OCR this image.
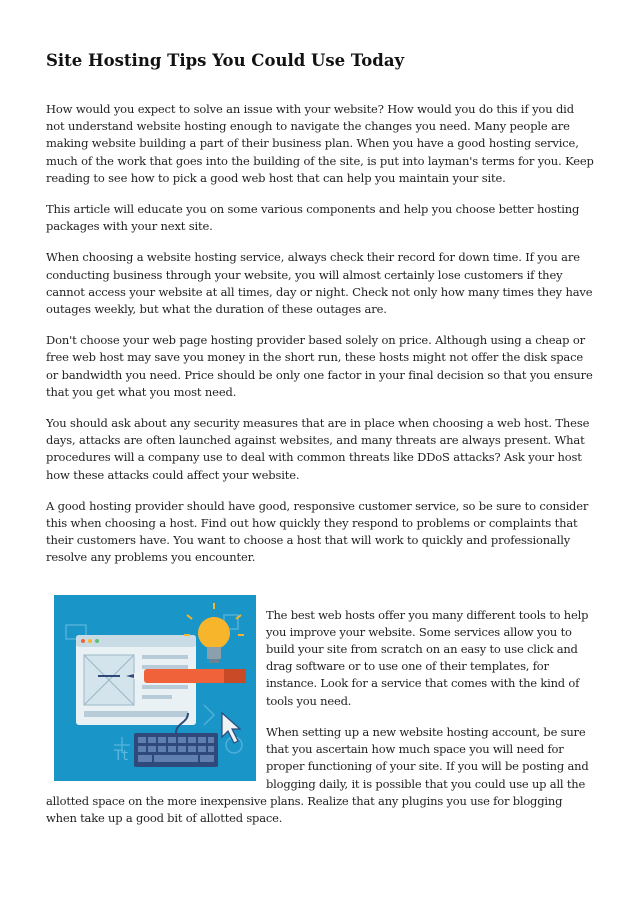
Site Hosting Tips You Could Use Today

How would you expect to solve an issue with your website? How would you do this if you did not understand website hosting enough to navigate the changes you need. Many people are making website building a part of their business plan. When you have a good hosting service, much of the work that goes into the building of the site, is put into layman's terms for you. Keep reading to see how to pick a good web host that can help you maintain your site.

This article will educate you on some various components and help you choose better hosting packages with your next site.

When choosing a website hosting service, always check their record for down time. If you are conducting business through your website, you will almost certainly lose customers if they cannot access your website at all times, day or night. Check not only how many times they have outages weekly, but what the duration of these outages are.

Don't choose your web page hosting provider based solely on price. Although using a cheap or free web host may save you money in the short run, these hosts might not offer the disk space or bandwidth you need. Price should be only one factor in your final decision so that you ensure that you get what you most need.

You should ask about any security measures that are in place when choosing a web host. These days, attacks are often launched against websites, and many threats are always present. What procedures will a company use to deal with common threats like DDoS attacks? Ask your host how these attacks could affect your website.

A good hosting provider should have good, responsive customer service, so be sure to consider this when choosing a host. Find out how quickly they respond to problems or complaints that their customers have. You want to choose a host that will work to quickly and professionally resolve any problems you encounter.

Tt

The best web hosts offer you many different tools to help you improve your website. Some services allow you to build your site from scratch on an easy to use click and drag software or to use one of their templates, for instance. Look for a service that comes with the kind of tools you need.

When setting up a new website hosting account, be sure that you ascertain how much space you will need for proper functioning of your site. If you will be posting and blogging daily, it is possible that you could use up all the allotted space on the more inexpensive plans. Realize that any plugins you use for blogging when take up a good bit of allotted space.
